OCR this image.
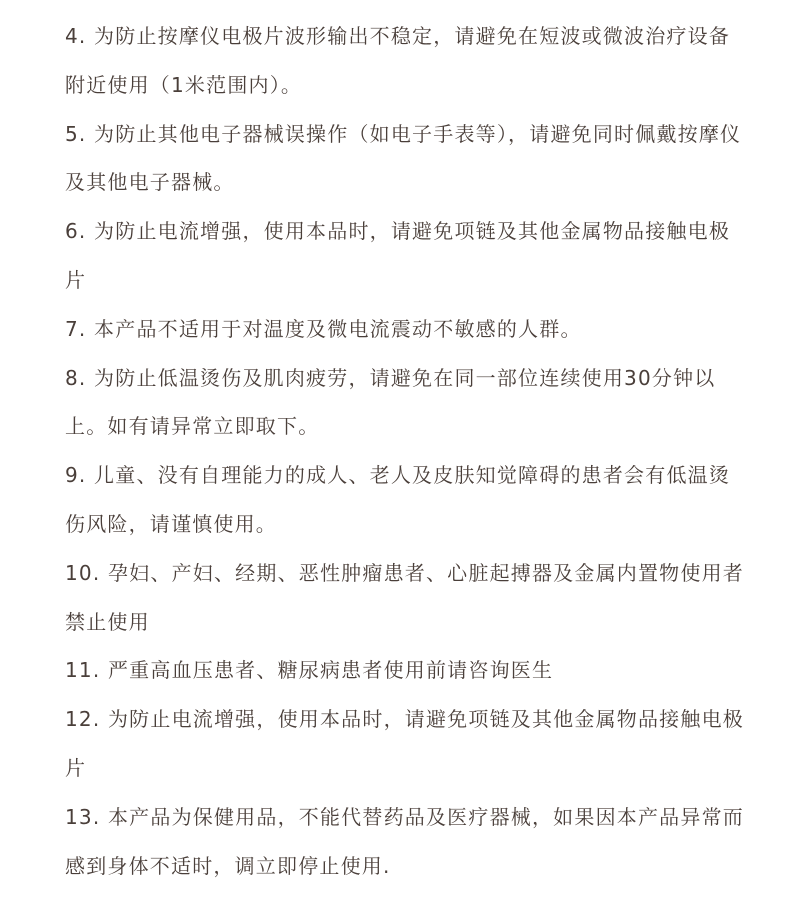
4. 为防止按摩仪电极片波形输出不稳定，请避免在短波或微波治疗设备附近使用（1米范围内）。
5. 为防止其他电子器械误操作（如电子手表等），请避免同时佩戴按摩仪及其他电子器械。
6. 为防止电流增强，使用本品时，请避免项链及其他金属物品接触电极片
7. 本产品不适用于对温度及微电流震动不敏感的人群。
8. 为防止低温烫伤及肌肉疲劳，请避免在同一部位连续使用30分钟以上。如有请异常立即取下。
9. 儿童、没有自理能力的成人、老人及皮肤知觉障碍的患者会有低温烫伤风险，请谨慎使用。
10. 孕妇、产妇、经期、恶性肿瘤患者、心脏起搏器及金属内置物使用者禁止使用
11. 严重高血压患者、糖尿病患者使用前请咨询医生
12. 为防止电流增强，使用本品时，请避免项链及其他金属物品接触电极片
13. 本产品为保健用品，不能代替药品及医疗器械，如果因本产品异常而感到身体不适时，调立即停止使用.
